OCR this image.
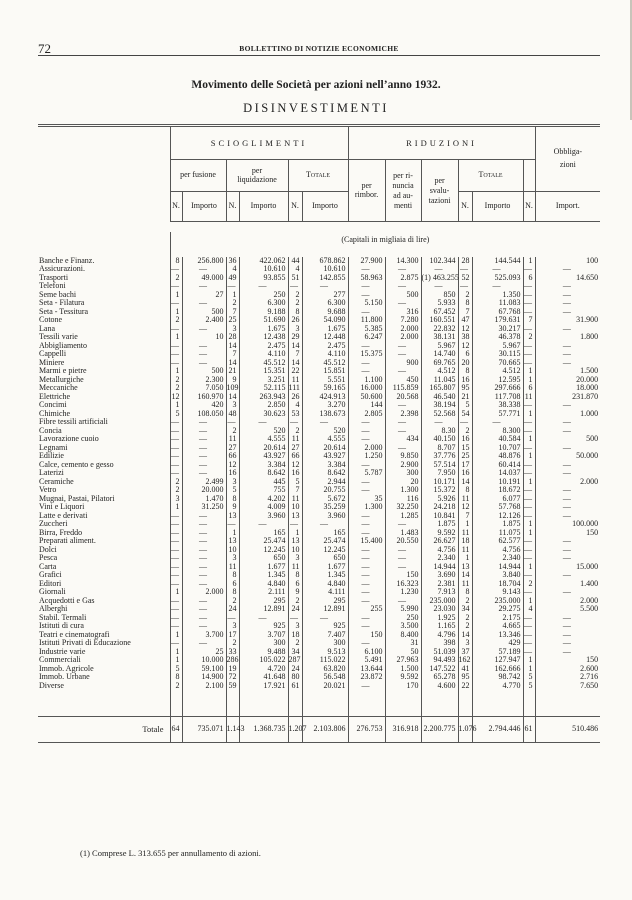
72	BOLLETTINO DI NOTIZIE ECONOMICHE
Movimento delle Società per azioni nell’anno 1932.
DISINVESTIMENTI
	SCIOGLIMENTI						RIDUZIONI						Obbliga-
zioni
	per fusione		per
liquidazione		Totale		per
rimbor.	per ri-
nuncia
ad au-
menti	per
svalu-
tazioni	Totale			
	N.	Importo	N.	Importo	N.	Importo				N.	Importo	N.	Import.
	(Capitali in migliaia di lire)												
Banche e Finanz.	8	256.800	36	422.062	44	678.862	27.900	14.300	102.344	28	144.544	1	100
Assicurazioni.	—	—	4	10.610	4	10.610	—	—	—	—	—	—	—
Trasporti	2	49.000	49	93.855	51	142.855	58.963	2.875	(1) 463.255	52	525.093	6	14.650
Telefoni	—	—	—	—	—	—	—	—	—	—	—	—	—
Seme bachi	1	27	1	250	2	277	—	500	850	2	1.350	—	—
Seta - Filatura	—	—	2	6.300	2	6.300	5.150	—	5.933	8	11.083	—	—
Seta - Tessitura	1	500	7	9.188	8	9.688	—	316	67.452	7	67.768	—	—
Cotone	2	2.400	25	51.690	26	54.090	11.800	7.280	160.551	47	179.631	7	31.900
Lana	—	—	3	1.675	3	1.675	5.385	2.000	22.832	12	30.217	—	—
Tessili varie	1	10	28	12.438	29	12.448	6.247	2.000	38.131	38	46.378	2	1.800
Abbigliamento	—	—	14	2.475	14	2.475	—	—	5.967	12	5.967	—	—
Cappelli	—	—	7	4.110	7	4.110	15.375	—	14.740	6	30.115	—	—
Miniere	—	—	14	45.512	14	45.512	—	900	69.765	20	70.665	—	—
Marmi e pietre	1	500	21	15.351	22	15.851	—	—	4.512	8	4.512	1	1.500
Metallurgiche	2	2.300	9	3.251	11	5.551	1.100	450	11.045	16	12.595	1	20.000
Meccaniche	2	7.050	109	52.115	111	59.165	16.000	115.859	165.807	95	297.666	6	18.000
Elettriche	12	160.970	14	263.943	26	424.913	50.600	20.568	46.540	21	117.708	11	231.870
Concimi	1	420	3	2.850	4	3.270	144	—	38.194	5	38.338	—	—
Chimiche	5	108.050	48	30.623	53	138.673	2.805	2.398	52.568	54	57.771	1	1.000
Fibre tessili artificiali	—	—	—	—	—	—	—	—	—	—	—	—	—
Concia	—	—	2	520	2	520	—	—	8.30	2	8.300	—	—
Lavorazione cuoio	—	—	11	4.555	11	4.555	—	434	40.150	16	40.584	1	500
Legnami	—	—	27	20.614	27	20.614	2.000	—	8.707	15	10.707	—	—
Edilizie	—	—	66	43.927	66	43.927	1.250	9.850	37.776	25	48.876	1	50.000
Calce, cemento e gesso	—	—	12	3.384	12	3.384	—	2.900	57.514	17	60.414	—	—
Laterizi	—	—	16	8.642	16	8.642	5.787	300	7.950	16	14.037	—	—
Ceramiche	2	2.499	3	445	5	2.944	—	20	10.171	14	10.191	1	2.000
Vetro	2	20.000	5	755	7	20.755	—	1.300	15.372	8	18.672	—	—
Mugnai, Pastai, Pilatori	3	1.470	8	4.202	11	5.672	35	116	5.926	11	6.077	—	—
Vini e Liquori	1	31.250	9	4.009	10	35.259	1.300	32.250	24.218	12	57.768	—	—
Latte e derivati	—	—	13	3.960	13	3.960	—	1.285	10.841	7	12.126	—	—
Zuccheri	—	—	—	—	—	—	—	—	1.875	1	1.875	1	100.000
Birra, Freddo	—	—	1	165	1	165	—	1.483	9.592	11	11.075	1	150
Preparati aliment.	—	—	13	25.474	13	25.474	15.400	20.550	26.627	18	62.577	—	—
Dolci	—	—	10	12.245	10	12.245	—	—	4.756	11	4.756	—	—
Pesca	—	—	3	650	3	650	—	—	2.340	1	2.340	—	—
Carta	—	—	11	1.677	11	1.677	—	—	14.944	13	14.944	1	15.000
Grafici	—	—	8	1.345	8	1.345	—	150	3.690	14	3.840	—	—
Editori	—	—	6	4.840	6	4.840	—	16.323	2.381	11	18.704	2	1.400
Giornali	1	2.000	8	2.111	9	4.111	—	1.230	7.913	8	9.143	—	—
Acquedotti e Gas	—	—	2	295	2	295	—	—	235.000	2	235.000	1	2.000
Alberghi	—	—	24	12.891	24	12.891	255	5.990	23.030	34	29.275	4	5.500
Stabil. Termali	—	—	—	—	—	—	—	250	1.925	2	2.175	—	—
Istituti di cura	—	—	3	925	3	925	—	3.500	1.165	2	4.665	—	—
Teatri e cinematografi	1	3.700	17	3.707	18	7.407	150	8.400	4.796	14	13.346	—	—
Istituti Privati di Educazione	—	—	2	300	2	300	—	31	398	3	429	—	—
Industrie varie	1	25	33	9.488	34	9.513	6.100	50	51.039	37	57.189	—	—
Commerciali	1	10.000	286	105.022	287	115.022	5.491	27.963	94.493	162	127.947	1	150
Immob. Agricole	5	59.100	19	4.720	24	63.820	13.644	1.500	147.522	41	162.666	1	2.600
Immob. Urbane	8	14.900	72	41.648	80	56.548	23.872	9.592	65.278	95	98.742	5	2.716
Diverse	2	2.100	59	17.921	61	20.021	—	170	4.600	22	4.770	5	7.650

Totale	64	735.071	1.143	1.368.735	1.207	2.103.806	276.753	316.918	2.200.775	1.076	2.794.446	61	510.486
(1) Comprese L. 313.655 per annullamento di azioni.
